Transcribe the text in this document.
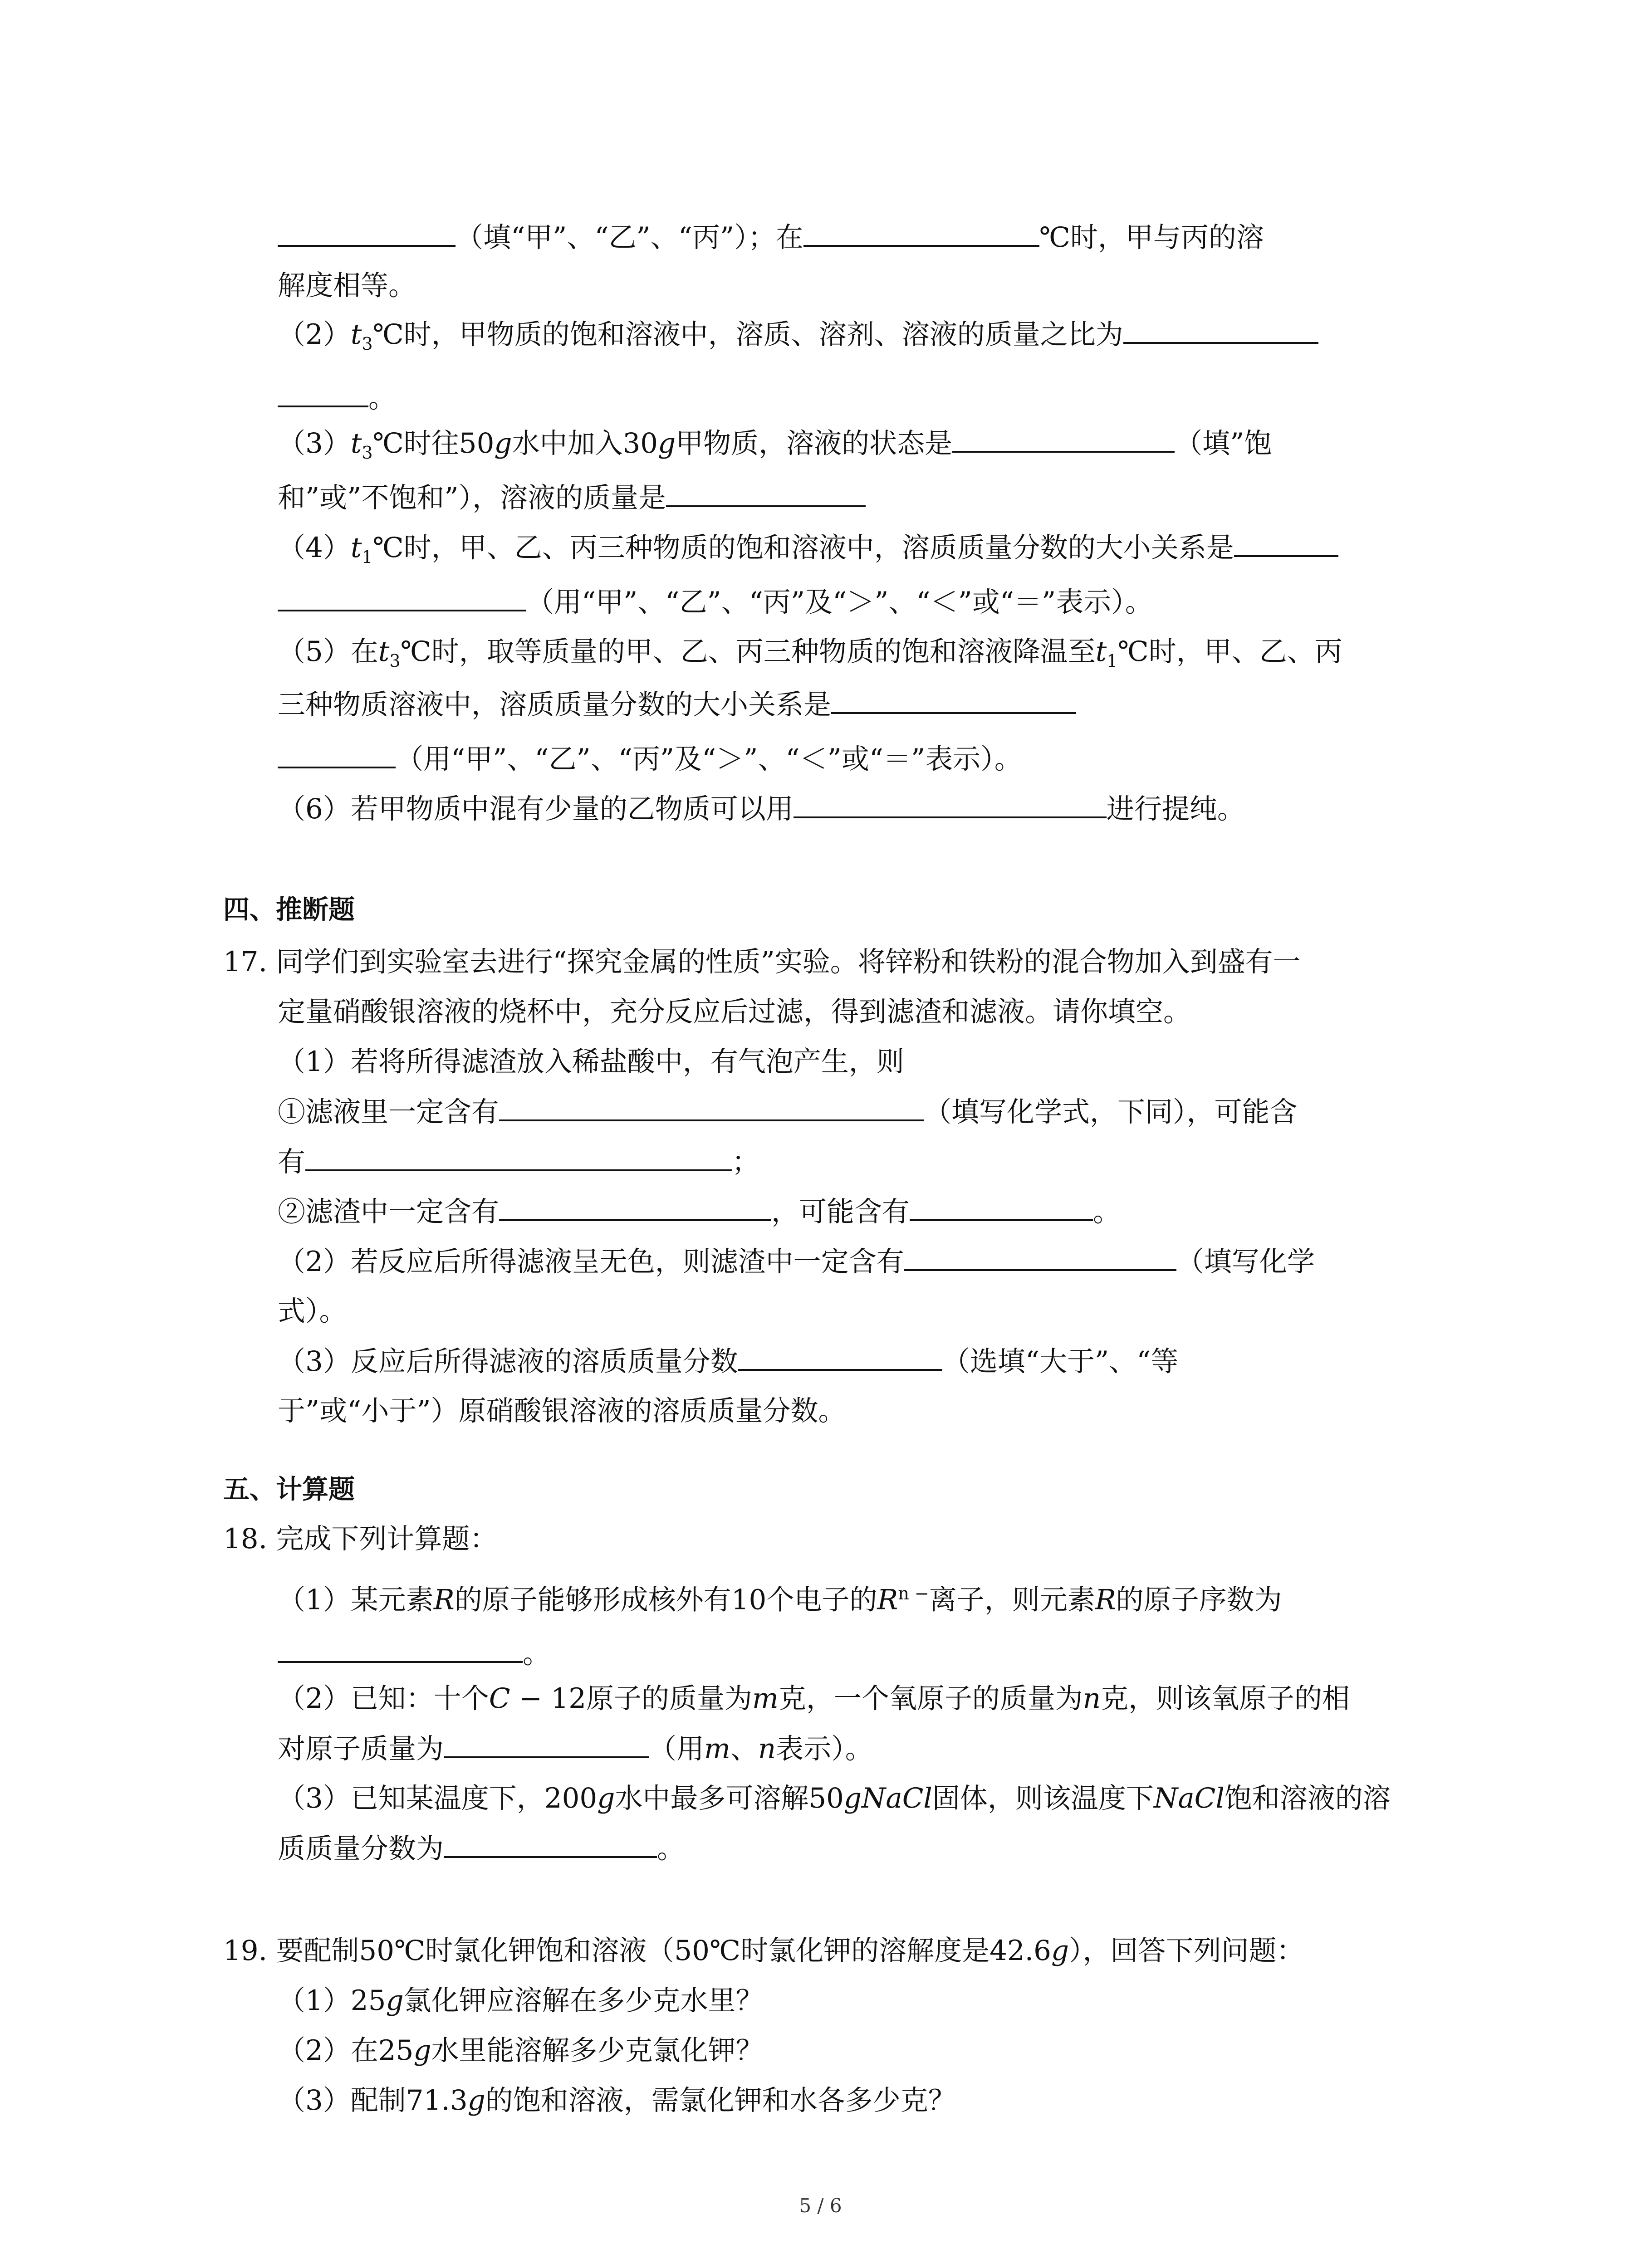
（填“甲”、“乙”、“丙”）；在	℃时，甲与丙的溶
解度相等。
$(2)t_3℃$时，甲物质的饱和溶液中，溶质、溶剂、溶液的质量之比为
。
$(3)t_3℃$时往50g水中加入30g甲物质，溶液的状态是	（填”饱
和”或”不饱和”），溶液的质量是
$(4)t_1℃$时，甲、乙、丙三种物质的饱和溶液中，溶质质量分数的大小关系是
（用“甲”、“乙”、“丙”及“＞”、“＜”或“＝”表示）。
（5）在$t_3℃$时，取等质量的甲、乙、丙三种物质的饱和溶液降温至$t_1℃$时，甲、乙、丙
三种物质溶液中，溶质质量分数的大小关系是
（用“甲”、“乙”、“丙”及“＞”、“＜”或“＝”表示）。
（6）若甲物质中混有少量的乙物质可以用	进行提纯。
四、推断题
17. 同学们到实验室去进行“探究金属的性质”实验。将锌粉和铁粉的混合物加入到盛有一
定量硝酸银溶液的烧杯中，充分反应后过滤，得到滤渣和滤液。请你填空。
（1）若将所得滤渣放入稀盐酸中，有气泡产生，则
①滤液里一定含有	（填写化学式，下同），可能含
有	；
②滤渣中一定含有	，可能含有	。
（2）若反应后所得滤液呈无色，则滤渣中一定含有	（填写化学
式）。
（3）反应后所得滤液的溶质质量分数	（选填“大于”、“等
于”或“小于”）原硝酸银溶液的溶质质量分数。
五、计算题
18. 完成下列计算题：
（1）某元素R的原子能够形成核外有10个电子的$R^{n -}$离子，则元素R的原子序数为
。
（2）已知：十个C − 12原子的质量为m克，一个氧原子的质量为n克，则该氧原子的相
对原子质量为	（用m、n表示）。
（3）已知某温度下，200g水中最多可溶解50gNaCl固体，则该温度下NaCl饱和溶液的溶
质质量分数为	。
19. 要配制50℃时氯化钾饱和溶液（50℃时氯化钾的溶解度是42.6g），回答下列问题：
（1）25g氯化钾应溶解在多少克水里？
（2）在25g水里能溶解多少克氯化钾？
（3）配制71.3g的饱和溶液，需氯化钾和水各多少克？
5 / 6
